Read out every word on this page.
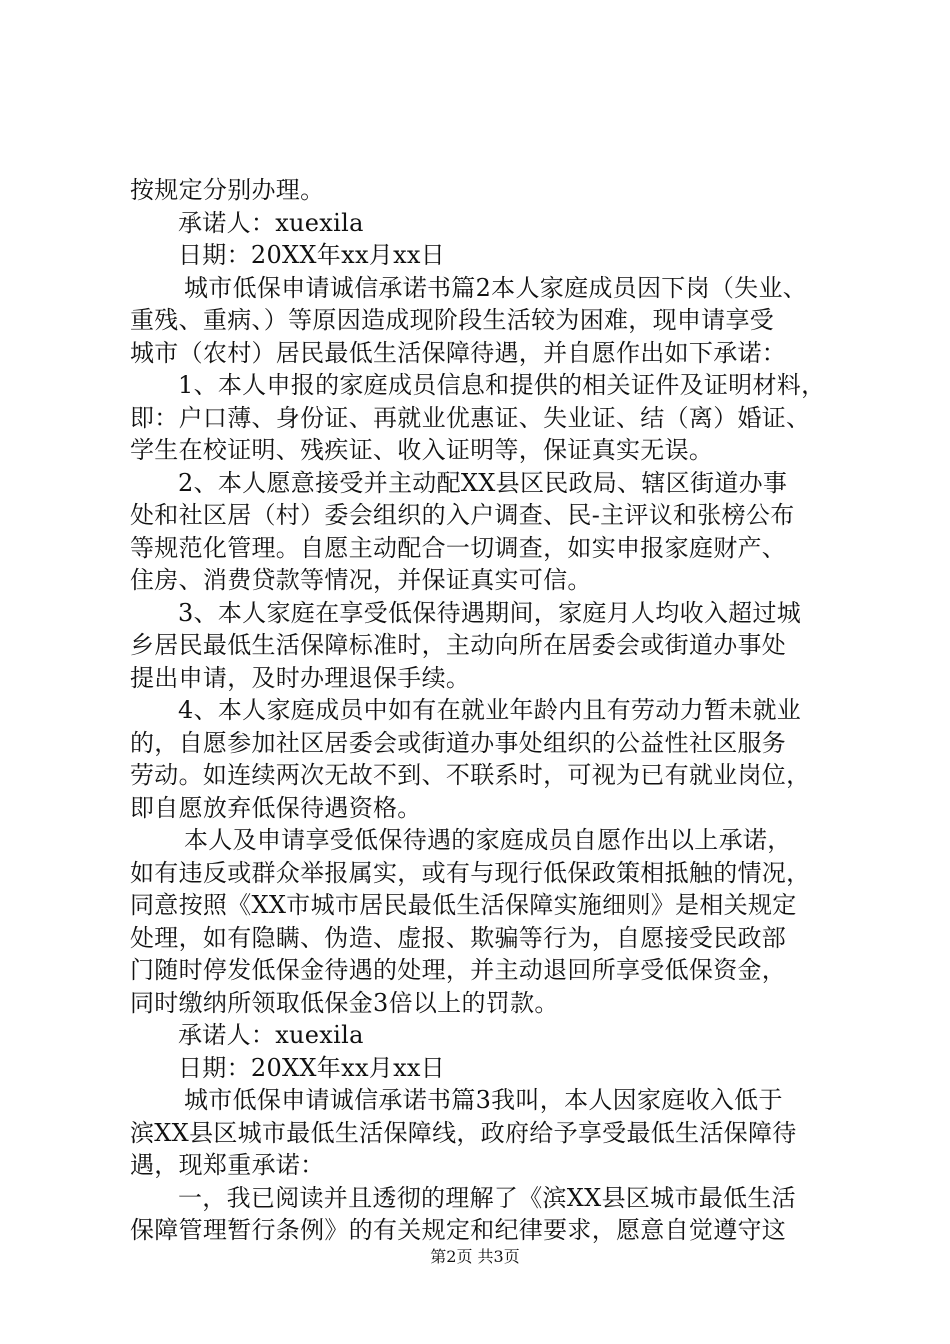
按规定分别办理。
承诺人：xuexila
日期：20XX年xx月xx日
城市低保申请诚信承诺书篇2本人家庭成员因下岗（失业、
重残、重病、）等原因造成现阶段生活较为困难，现申请享受
城市（农村）居民最低生活保障待遇，并自愿作出如下承诺：
1、本人申报的家庭成员信息和提供的相关证件及证明材料，
即：户口薄、身份证、再就业优惠证、失业证、结（离）婚证、
学生在校证明、残疾证、收入证明等，保证真实无误。
2、本人愿意接受并主动配XX县区民政局、辖区街道办事
处和社区居（村）委会组织的入户调查、民-主评议和张榜公布
等规范化管理。自愿主动配合一切调查，如实申报家庭财产、
住房、消费贷款等情况，并保证真实可信。
3、本人家庭在享受低保待遇期间，家庭月人均收入超过城
乡居民最低生活保障标准时，主动向所在居委会或街道办事处
提出申请，及时办理退保手续。
4、本人家庭成员中如有在就业年龄内且有劳动力暂未就业
的，自愿参加社区居委会或街道办事处组织的公益性社区服务
劳动。如连续两次无故不到、不联系时，可视为已有就业岗位，
即自愿放弃低保待遇资格。
本人及申请享受低保待遇的家庭成员自愿作出以上承诺，
如有违反或群众举报属实，或有与现行低保政策相抵触的情况，
同意按照《XX市城市居民最低生活保障实施细则》是相关规定
处理，如有隐瞒、伪造、虚报、欺骗等行为，自愿接受民政部
门随时停发低保金待遇的处理，并主动退回所享受低保资金，
同时缴纳所领取低保金3倍以上的罚款。
承诺人：xuexila
日期：20XX年xx月xx日
城市低保申请诚信承诺书篇3我叫，本人因家庭收入低于
滨XX县区城市最低生活保障线，政府给予享受最低生活保障待
遇，现郑重承诺：
一，我已阅读并且透彻的理解了《滨XX县区城市最低生活
保障管理暂行条例》的有关规定和纪律要求，愿意自觉遵守这
第2页 共3页
